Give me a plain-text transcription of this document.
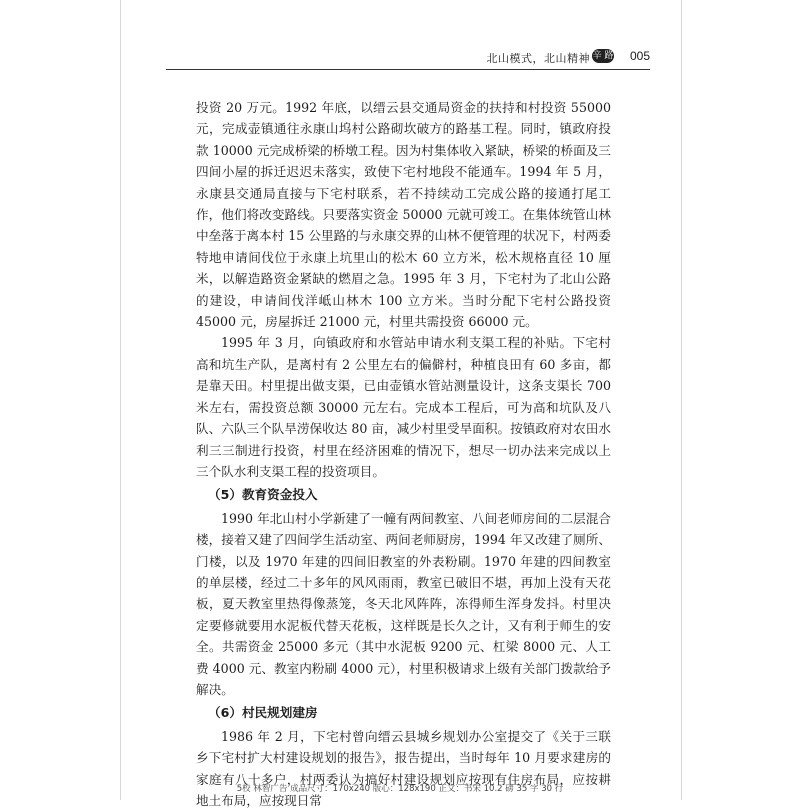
北山模式，北山精神 辛 路 005

投资 20 万元。1992 年底，以缙云县交通局资金的扶持和村投资 55000 元，完成壶镇通往永康山坞村公路砌坎破方的路基工程。同时，镇政府投款 10000 元完成桥梁的桥墩工程。因为村集体收入紧缺，桥梁的桥面及三四间小屋的拆迁迟迟未落实，致使下宅村地段不能通车。1994 年 5 月，永康县交通局直接与下宅村联系，若不持续动工完成公路的接通打尾工作，他们将改变路线。只要落实资金 50000 元就可竣工。在集体统管山林中垒落于离本村 15 公里路的与永康交界的山林不便管理的状况下，村两委特地申请间伐位于永康上坑里山的松木 60 立方米，松木规格直径 10 厘米，以解造路资金紧缺的燃眉之急。1995 年 3 月，下宅村为了北山公路的建设，申请间伐洋岻山林木 100 立方米。当时分配下宅村公路投资 45000 元，房屋拆迁 21000 元，村里共需投资 66000 元。

1995 年 3 月，向镇政府和水管站申请水利支渠工程的补贴。下宅村高和坑生产队，是离村有 2 公里左右的偏僻村，种植良田有 60 多亩，都是靠天田。村里提出做支渠，已由壶镇水管站测量设计，这条支渠长 700 米左右，需投资总额 30000 元左右。完成本工程后，可为高和坑队及八队、六队三个队旱涝保收达 80 亩，减少村里受旱面积。按镇政府对农田水利三三制进行投资，村里在经济困难的情况下，想尽一切办法来完成以上三个队水利支渠工程的投资项目。

（5）教育资金投入

1990 年北山村小学新建了一幢有两间教室、八间老师房间的二层混合楼，接着又建了四间学生活动室、两间老师厨房，1994 年又改建了厕所、门楼，以及 1970 年建的四间旧教室的外表粉刷。1970 年建的四间教室的单层楼，经过二十多年的风风雨雨，教室已破旧不堪，再加上没有天花板，夏天教室里热得像蒸笼，冬天北风阵阵，冻得师生浑身发抖。村里决定要修就要用水泥板代替天花板，这样既是长久之计，又有利于师生的安全。共需资金 25000 多元（其中水泥板 9200 元、杠梁 8000 元、人工费 4000 元、教室内粉刷 4000 元），村里积极请求上级有关部门拨款给予解决。

（6）村民规划建房

1986 年 2 月，下宅村曾向缙云县城乡规划办公室提交了《关于三联乡下宅村扩大村建设规划的报告》，报告提出，当时每年 10 月要求建房的家庭有八十多户，村两委认为搞好村建设规划应按现有住房布局，应按耕地土布局，应按现日常

5校 林智广告 成品尺寸：170x240 版心：128x190 正文：书宋 10.2 磅 35 字 30 行
